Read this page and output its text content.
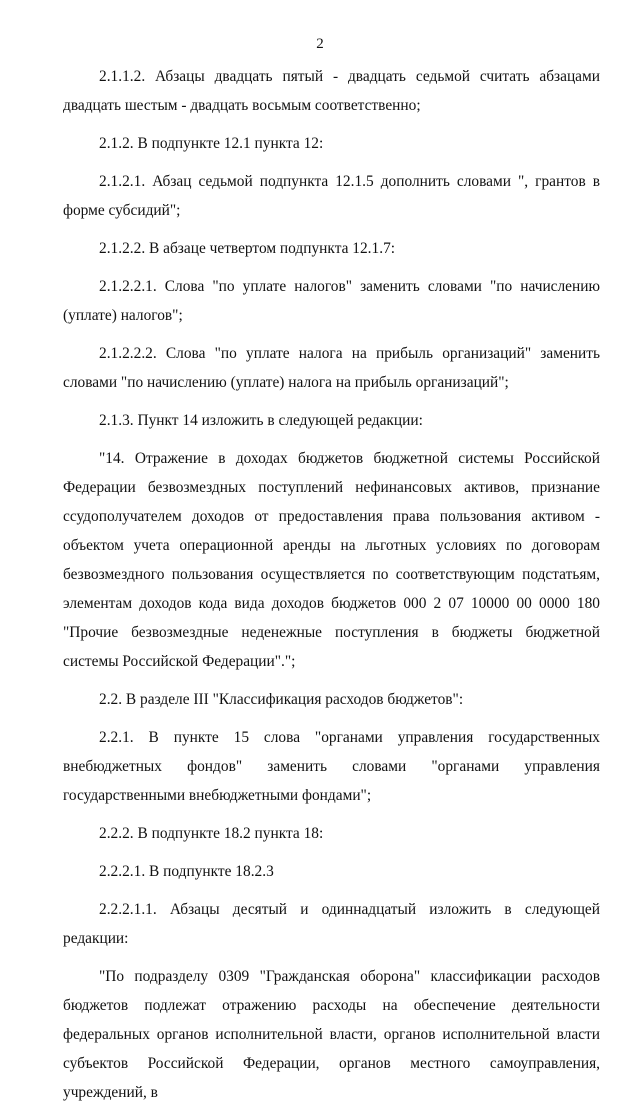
2

2.1.1.2. Абзацы двадцать пятый - двадцать седьмой считать абзацами двадцать шестым - двадцать восьмым соответственно;

2.1.2. В подпункте 12.1 пункта 12:

2.1.2.1. Абзац седьмой подпункта 12.1.5 дополнить словами ", грантов в форме субсидий";

2.1.2.2. В абзаце четвертом подпункта 12.1.7:

2.1.2.2.1. Слова "по уплате налогов" заменить словами "по начислению (уплате) налогов";

2.1.2.2.2. Слова "по уплате налога на прибыль организаций" заменить словами "по начислению (уплате) налога на прибыль организаций";

2.1.3. Пункт 14 изложить в следующей редакции:

"14. Отражение в доходах бюджетов бюджетной системы Российской Федерации безвозмездных поступлений нефинансовых активов, признание ссудополучателем доходов от предоставления права пользования активом - объектом учета операционной аренды на льготных условиях по договорам безвозмездного пользования осуществляется по соответствующим подстатьям, элементам доходов кода вида доходов бюджетов 000 2 07 10000 00 0000 180 "Прочие безвозмездные неденежные поступления в бюджеты бюджетной системы Российской Федерации".";

2.2. В разделе III "Классификация расходов бюджетов":

2.2.1. В пункте 15 слова "органами управления государственных внебюджетных фондов" заменить словами "органами управления государственными внебюджетными фондами";

2.2.2. В подпункте 18.2 пункта 18:

2.2.2.1. В подпункте 18.2.3

2.2.2.1.1. Абзацы десятый и одиннадцатый изложить в следующей редакции:

"По подразделу 0309 "Гражданская оборона" классификации расходов бюджетов подлежат отражению расходы на обеспечение деятельности федеральных органов исполнительной власти, органов исполнительной власти субъектов Российской Федерации, органов местного самоуправления, учреждений, в
